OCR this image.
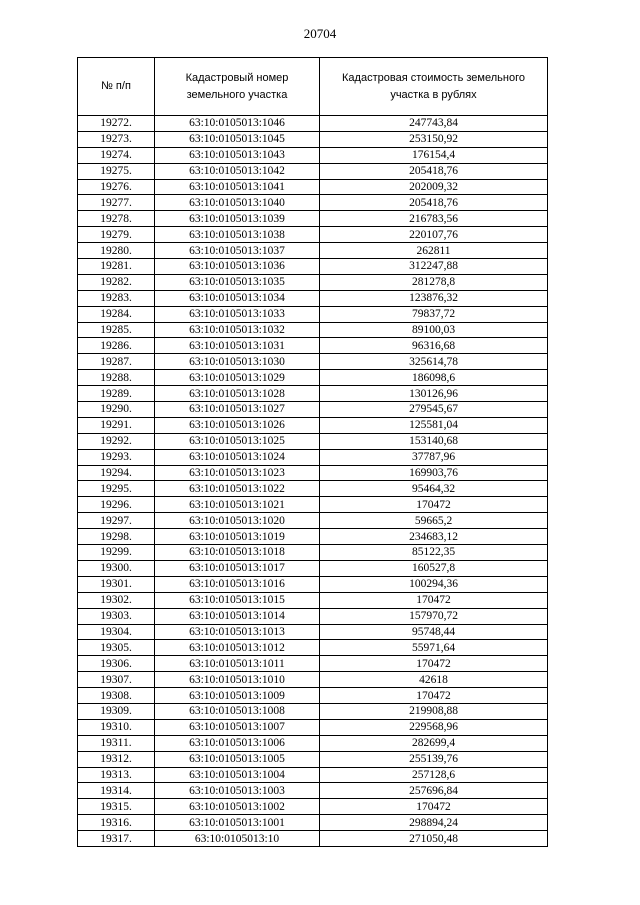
20704
№ п/п	Кадастровый номер земельного участка	Кадастровая стоимость земельного участка в рублях
19272.	63:10:0105013:1046	247743,84
19273.	63:10:0105013:1045	253150,92
19274.	63:10:0105013:1043	176154,4
19275.	63:10:0105013:1042	205418,76
19276.	63:10:0105013:1041	202009,32
19277.	63:10:0105013:1040	205418,76
19278.	63:10:0105013:1039	216783,56
19279.	63:10:0105013:1038	220107,76
19280.	63:10:0105013:1037	262811
19281.	63:10:0105013:1036	312247,88
19282.	63:10:0105013:1035	281278,8
19283.	63:10:0105013:1034	123876,32
19284.	63:10:0105013:1033	79837,72
19285.	63:10:0105013:1032	89100,03
19286.	63:10:0105013:1031	96316,68
19287.	63:10:0105013:1030	325614,78
19288.	63:10:0105013:1029	186098,6
19289.	63:10:0105013:1028	130126,96
19290.	63:10:0105013:1027	279545,67
19291.	63:10:0105013:1026	125581,04
19292.	63:10:0105013:1025	153140,68
19293.	63:10:0105013:1024	37787,96
19294.	63:10:0105013:1023	169903,76
19295.	63:10:0105013:1022	95464,32
19296.	63:10:0105013:1021	170472
19297.	63:10:0105013:1020	59665,2
19298.	63:10:0105013:1019	234683,12
19299.	63:10:0105013:1018	85122,35
19300.	63:10:0105013:1017	160527,8
19301.	63:10:0105013:1016	100294,36
19302.	63:10:0105013:1015	170472
19303.	63:10:0105013:1014	157970,72
19304.	63:10:0105013:1013	95748,44
19305.	63:10:0105013:1012	55971,64
19306.	63:10:0105013:1011	170472
19307.	63:10:0105013:1010	42618
19308.	63:10:0105013:1009	170472
19309.	63:10:0105013:1008	219908,88
19310.	63:10:0105013:1007	229568,96
19311.	63:10:0105013:1006	282699,4
19312.	63:10:0105013:1005	255139,76
19313.	63:10:0105013:1004	257128,6
19314.	63:10:0105013:1003	257696,84
19315.	63:10:0105013:1002	170472
19316.	63:10:0105013:1001	298894,24
19317.	63:10:0105013:10	271050,48
